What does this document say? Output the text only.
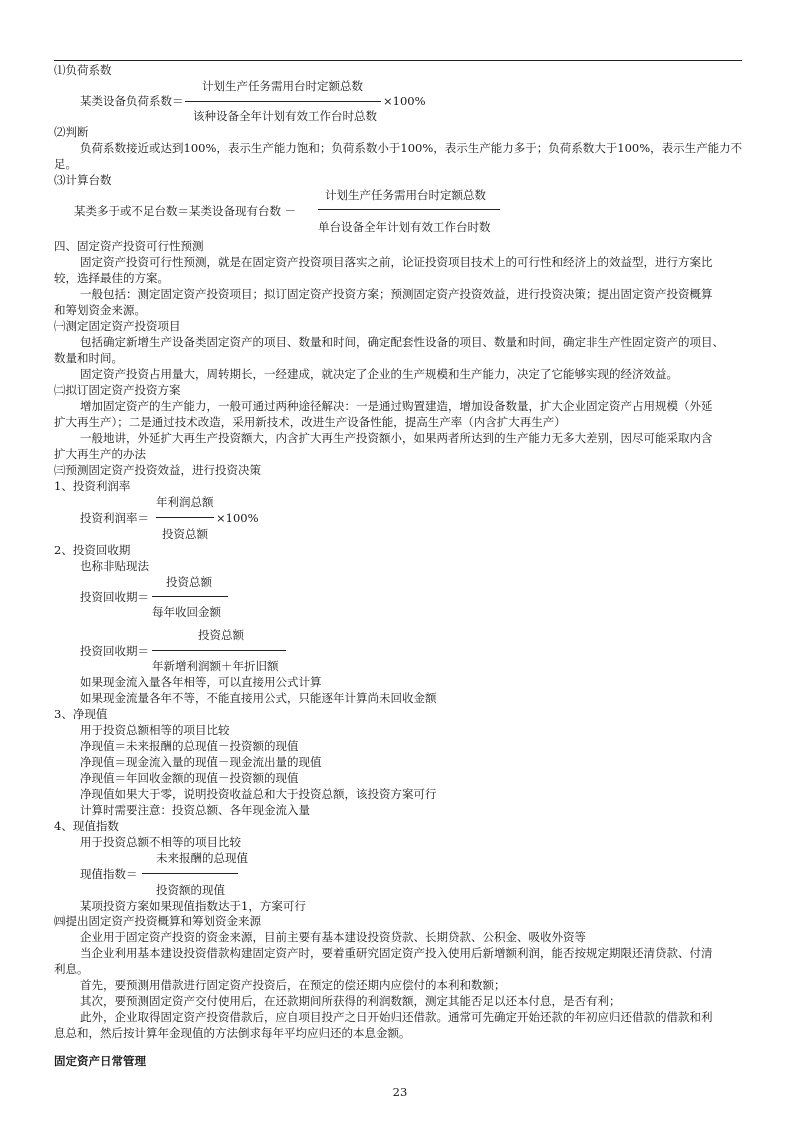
⑴负荷系数
计划生产任务需用台时定额总数
某类设备负荷系数＝	×100%
该种设备全年计划有效工作台时总数
⑵判断
负荷系数接近或达到100%，表示生产能力饱和；负荷系数小于100%，表示生产能力多于；负荷系数大于100%，表示生产能力不
足。
⑶计算台数
计划生产任务需用台时定额总数
某类多于或不足台数＝某类设备现有台数 －
单台设备全年计划有效工作台时数
四、固定资产投资可行性预测
固定资产投资可行性预测，就是在固定资产投资项目落实之前，论证投资项目技术上的可行性和经济上的效益型，进行方案比
较，选择最佳的方案。
一般包括：测定固定资产投资项目；拟订固定资产投资方案；预测固定资产投资效益，进行投资决策；提出固定资产投资概算
和筹划资金来源。
㈠测定固定资产投资项目
包括确定新增生产设备类固定资产的项目、数量和时间，确定配套性设备的项目、数量和时间，确定非生产性固定资产的项目、
数量和时间。
固定资产投资占用量大，周转期长，一经建成，就决定了企业的生产规模和生产能力，决定了它能够实现的经济效益。
㈡拟订固定资产投资方案
增加固定资产的生产能力，一般可通过两种途径解决：一是通过购置建造，增加设备数量，扩大企业固定资产占用规模（外延
扩大再生产）；二是通过技术改造，采用新技术，改进生产设备性能，提高生产率（内含扩大再生产）
一般地讲，外延扩大再生产投资额大，内含扩大再生产投资额小，如果两者所达到的生产能力无多大差别，因尽可能采取内含
扩大再生产的办法
㈢预测固定资产投资效益，进行投资决策
1、投资利润率
年利润总额
投资利润率＝	×100%
投资总额
2、投资回收期
也称非贴现法
投资总额
投资回收期＝
每年收回金额
投资总额
投资回收期＝
年新增利润额＋年折旧额
如果现金流入量各年相等，可以直接用公式计算
如果现金流量各年不等，不能直接用公式，只能逐年计算尚未回收金额
3、净现值
用于投资总额相等的项目比较
净现值＝未来报酬的总现值－投资额的现值
净现值＝现金流入量的现值－现金流出量的现值
净现值＝年回收金额的现值－投资额的现值
净现值如果大于零，说明投资收益总和大于投资总额，该投资方案可行
计算时需要注意：投资总额、各年现金流入量
4、现值指数
用于投资总额不相等的项目比较
未来报酬的总现值
现值指数＝
投资额的现值
某项投资方案如果现值指数达于1，方案可行
㈣提出固定资产投资概算和筹划资金来源
企业用于固定资产投资的资金来源，目前主要有基本建设投资贷款、长期贷款、公积金、吸收外资等
当企业利用基本建设投资借款构建固定资产时，要着重研究固定资产投入使用后新增额利润，能否按规定期限还清贷款、付清
利息。
首先，要预测用借款进行固定资产投资后，在预定的偿还期内应偿付的本利和数额；
其次，要预测固定资产交付使用后，在还款期间所获得的利润数额，测定其能否足以还本付息，是否有利；
此外，企业取得固定资产投资借款后，应自项目投产之日开始归还借款。通常可先确定开始还款的年初应归还借款的借款和利
息总和，然后按计算年金现值的方法倒求每年平均应归还的本息金额。
固定资产日常管理
23
